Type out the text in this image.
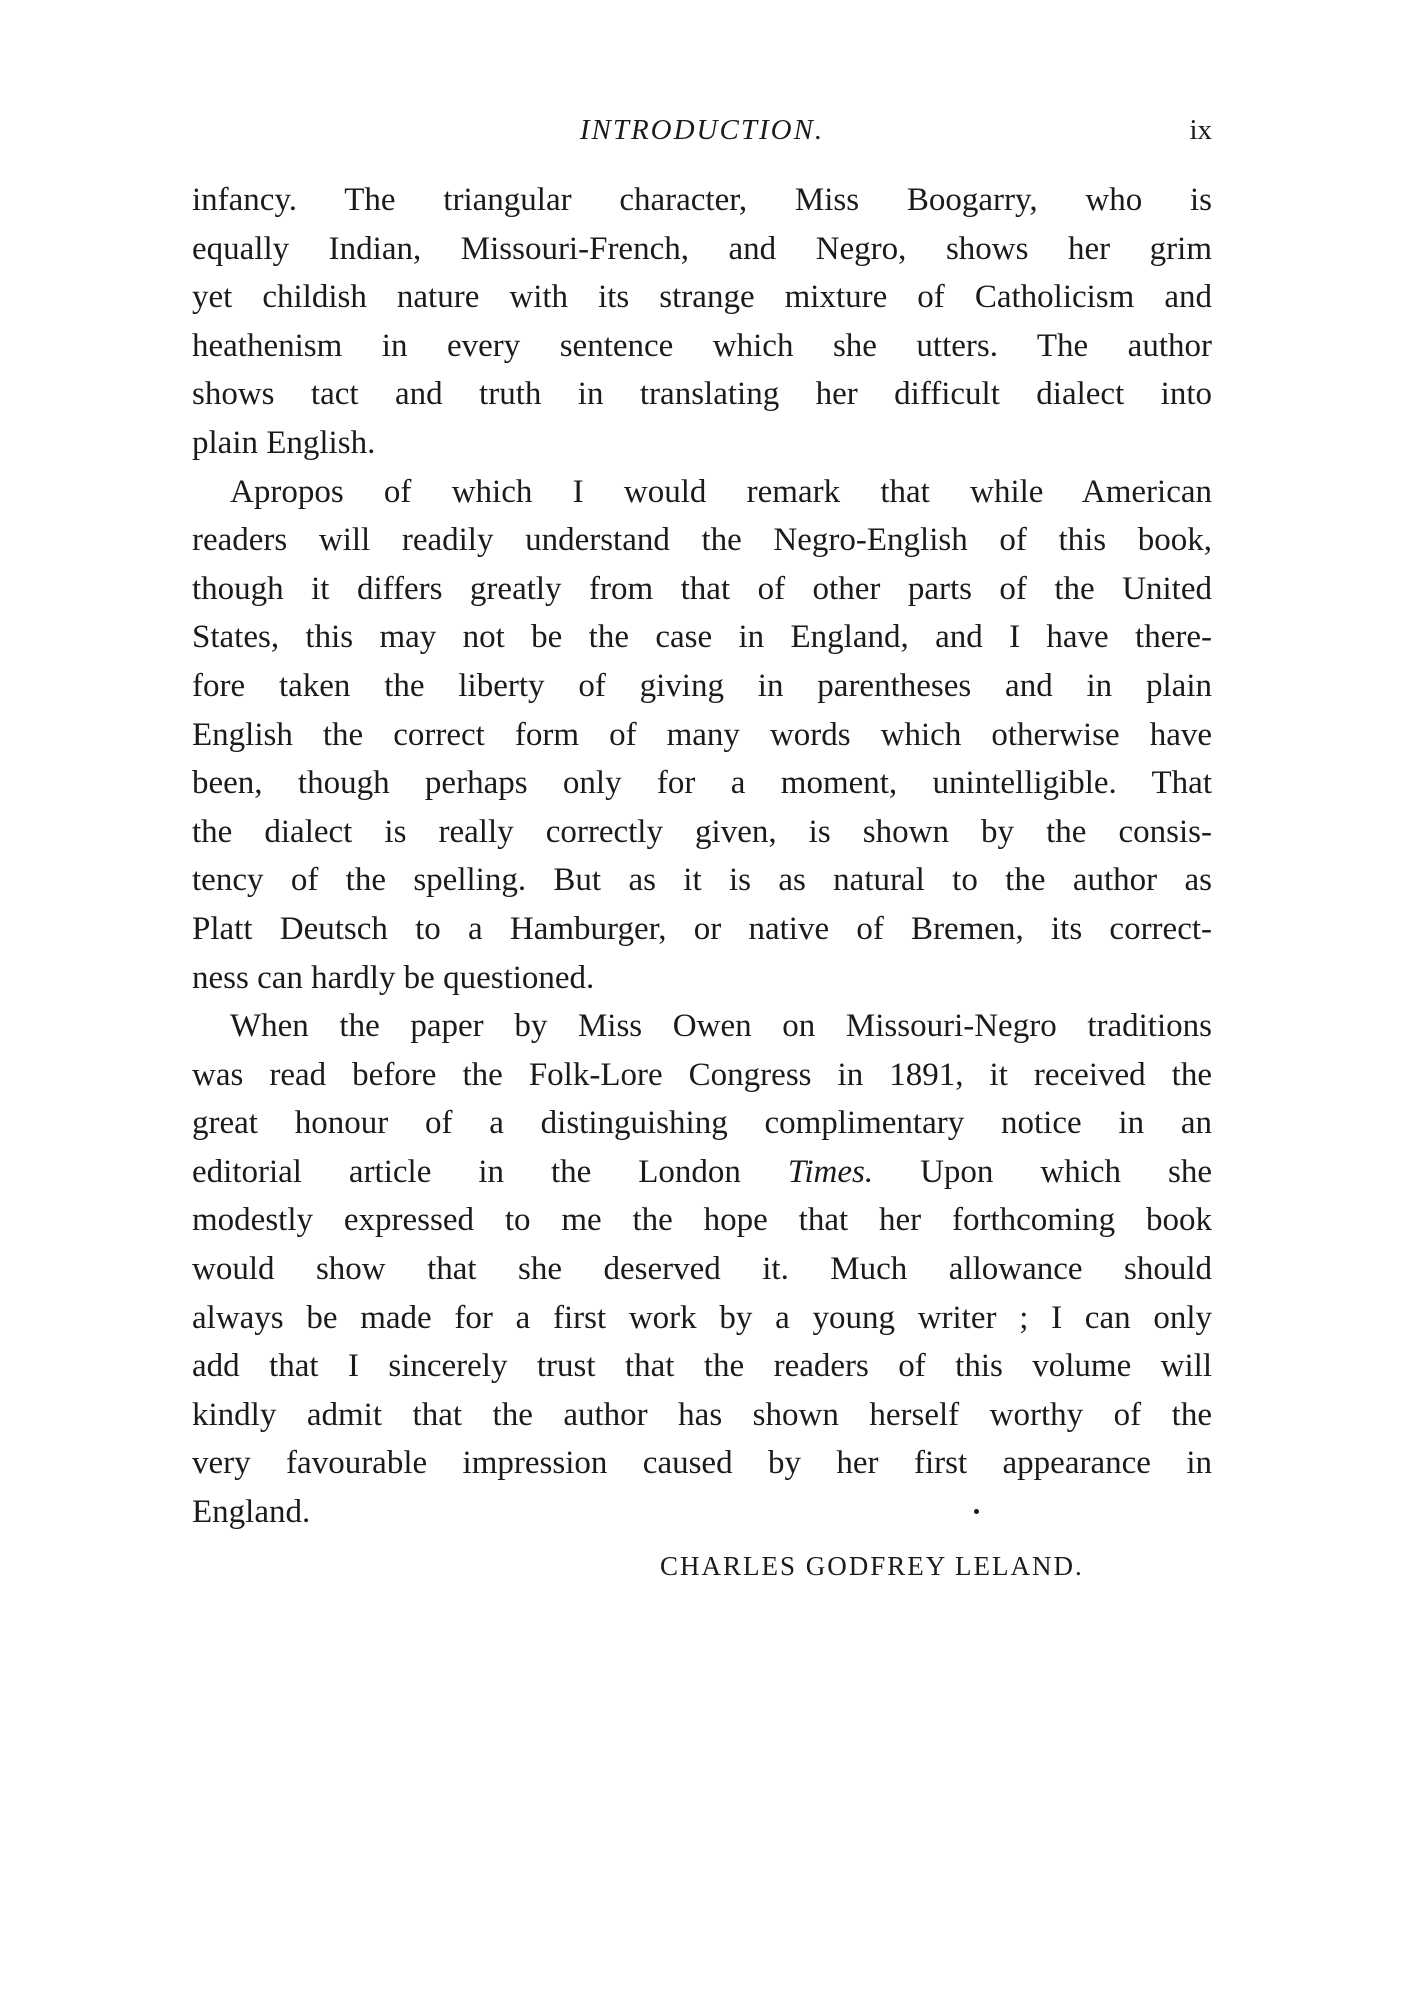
INTRODUCTION.	ix

infancy. The triangular character, Miss Boogarry, who is
equally Indian, Missouri-French, and Negro, shows her grim
yet childish nature with its strange mixture of Catholicism and
heathenism in every sentence which she utters. The author
shows tact and truth in translating her difficult dialect into
plain English.

Apropos of which I would remark that while American
readers will readily understand the Negro-English of this book,
though it differs greatly from that of other parts of the United
States, this may not be the case in England, and I have there-
fore taken the liberty of giving in parentheses and in plain
English the correct form of many words which otherwise have
been, though perhaps only for a moment, unintelligible. That
the dialect is really correctly given, is shown by the consis-
tency of the spelling. But as it is as natural to the author as
Platt Deutsch to a Hamburger, or native of Bremen, its correct-
ness can hardly be questioned.

When the paper by Miss Owen on Missouri-Negro traditions
was read before the Folk-Lore Congress in 1891, it received the
great honour of a distinguishing complimentary notice in an
editorial article in the London Times. Upon which she
modestly expressed to me the hope that her forthcoming book
would show that she deserved it. Much allowance should
always be made for a first work by a young writer ; I can only
add that I sincerely trust that the readers of this volume will
kindly admit that the author has shown herself worthy of the
very favourable impression caused by her first appearance in
England.

CHARLES GODFREY LELAND.
